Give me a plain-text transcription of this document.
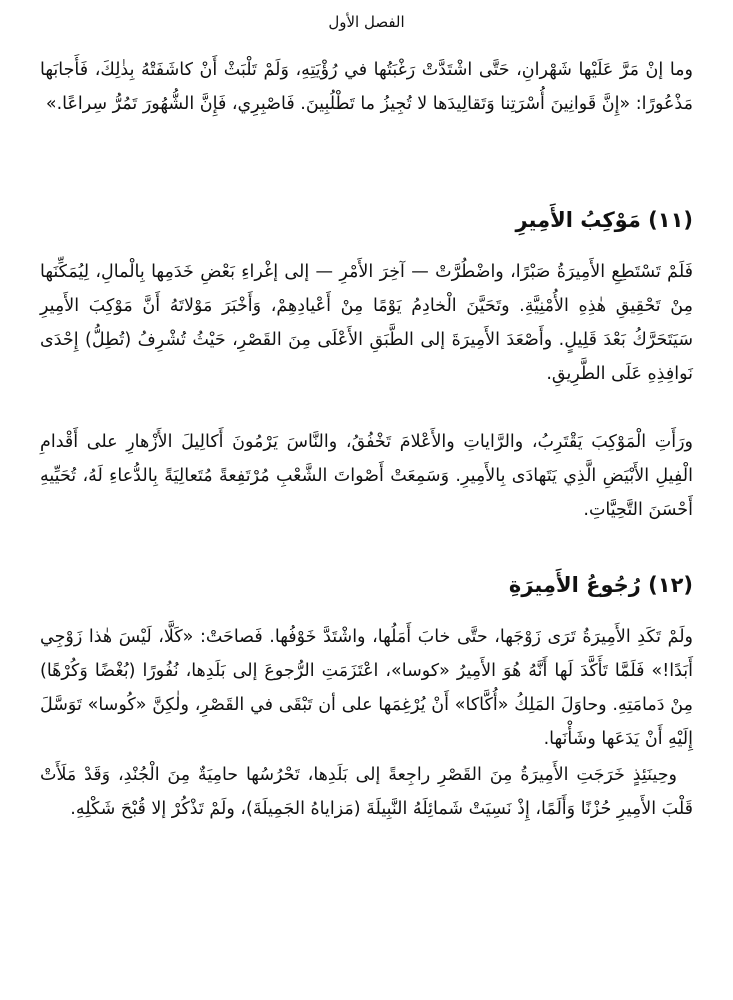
الفصل الأول

وما إنْ مَرَّ عَلَيْها شَهْرانِ، حَتَّى اشْتَدَّتْ رَغْبَتُها في رُؤْيَتِهِ، وَلَمْ تَلْبَثْ أَنْ كاشَفَتْهُ بِذٰلِكَ، فَأَجابَها مَذْعُورًا: «إِنَّ قَوانِينَ أُسْرَتِنا وَتَقالِيدَها لا تُجِيزُ ما تَطْلُبِينَ. فَاصْبِرِي، فَإِنَّ الشُّهُورَ تَمُرُّ سِراعًا.»

(١١) مَوْكِبُ الأَمِيرِ

فَلَمْ تَسْتَطِعِ الأَمِيرَةُ صَبْرًا، واضْطُرَّتْ — آخِرَ الأَمْرِ — إلى إغْراءِ بَعْضِ خَدَمِها بِالْمالِ، لِيُمَكِّنَها مِنْ تَحْقِيقِ هٰذِهِ الأُمْنِيَّةِ. وتَحَيَّنَ الْخادِمُ يَوْمًا مِنْ أَعْيادِهِمْ، وَأَخْبَرَ مَوْلاتَهُ أَنَّ مَوْكِبَ الأَمِيرِ سَيَتَحَرَّكُ بَعْدَ قَلِيلٍ. وأَصْعَدَ الأَمِيرَةَ إلى الطَّبَقِ الأَعْلَى مِنَ القَصْرِ، حَيْثُ تُشْرِفُ (تُطِلُّ) إِحْدَى نَوافِذِهِ عَلَى الطَّرِيقِ.

ورَأَتِ الْمَوْكِبَ يَقْتَرِبُ، والرَّاياتِ والأَعْلامَ تَخْفُقُ، والنَّاسَ يَرْمُونَ أَكالِيلَ الأَزْهارِ على أَقْدامِ الْفِيلِ الأَبْيَضِ الَّذِي يَتَهادَى بِالأَمِيرِ. وَسَمِعَتْ أَصْواتَ الشَّعْبِ مُرْتَفِعةً مُتَعالِيَةً بِالدُّعاءِ لَهُ، تُحَيِّيهِ أَحْسَنَ التَّحِيَّاتِ.

(١٢) رُجُوعُ الأَمِيرَةِ

ولَمْ تَكَدِ الأَمِيرَةُ تَرَى زَوْجَها، حتَّى خابَ أَمَلُها، واشْتَدَّ خَوْفُها. فَصاحَتْ: «كَلَّا، لَيْسَ هٰذا زَوْجِي أَبَدًا!» فَلَمَّا تَأَكَّدَ لَها أَنَّهُ هُوَ الأَمِيرُ «كوسا»، اعْتَزَمَتِ الرُّجوعَ إلى بَلَدِها، نُفُورًا (بُغْضًا وَكُرْهًا) مِنْ دَمامَتِهِ. وحاوَلَ المَلِكُ «أُكَّاكا» أَنْ يُرْغِمَها على أن تَبْقَى في القَصْرِ، ولٰكِنَّ «كُوسا» تَوَسَّلَ إِلَيْهِ أَنْ يَدَعَها وشَأْنَها.

وحِينَئِذٍ خَرَجَتِ الأَمِيرَةُ مِنَ القَصْرِ راجِعةً إلى بَلَدِها، تَحْرُسُها حامِيَةٌ مِنَ الْجُنْدِ، وَقَدْ مَلَأَتْ قَلْبَ الأَمِيرِ حُزْنًا وَأَلَمًا، إِذْ نَسِيَتْ شَمائِلَهُ النَّبِيلَةَ (مَزاياهُ الجَمِيلَةَ)، ولَمْ تَذْكُرْ إلا قُبْحَ شَكْلِهِ.
